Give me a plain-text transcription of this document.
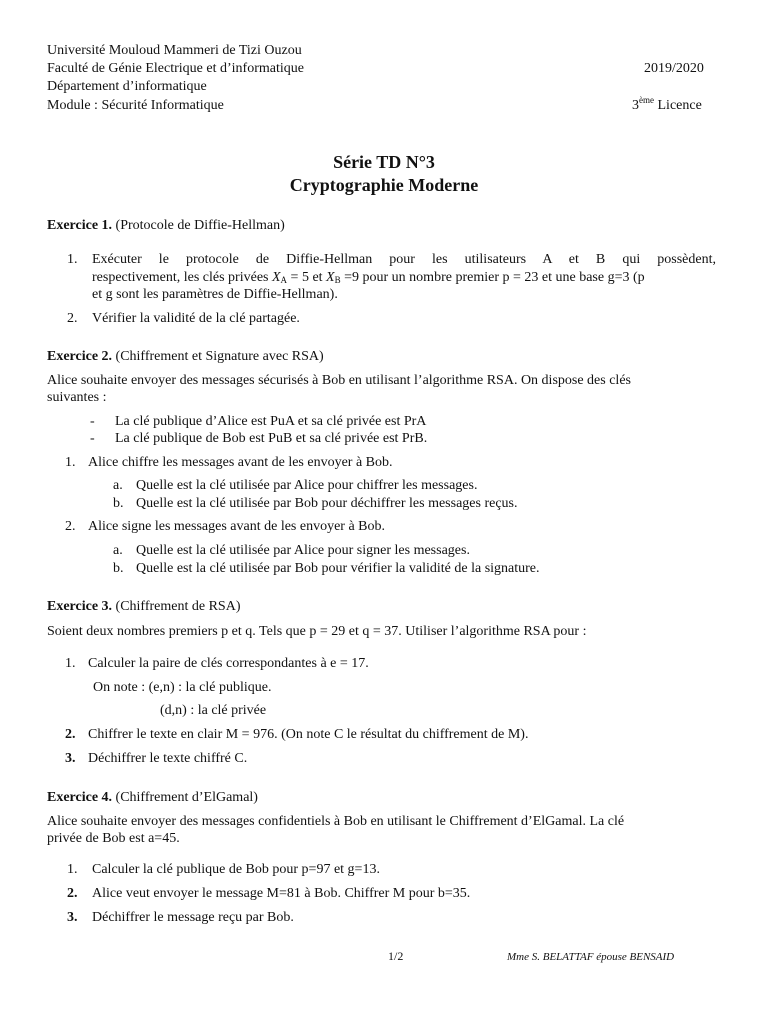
Université Mouloud Mammeri de Tizi Ouzou
Faculté de Génie Electrique et d’informatique	2019/2020
Département d’informatique
Module : Sécurité Informatique	3ème Licence
Série TD N°3
Cryptographie Moderne
Exercice 1. (Protocole de Diffie-Hellman)
1. Exécuter le protocole de Diffie-Hellman pour les utilisateurs A et B qui possèdent,
respectivement, les clés privées $X_A = 5$ et $X_B =9$ pour un nombre premier p = 23 et une base g=3 (p
et g sont les paramètres de Diffie-Hellman).
2. Vérifier la validité de la clé partagée.
Exercice 2. (Chiffrement et Signature avec RSA)
Alice souhaite envoyer des messages sécurisés à Bob en utilisant l’algorithme RSA. On dispose des clés
suivantes :
- La clé publique d’Alice est PuA et sa clé privée est PrA
- La clé publique de Bob est PuB et sa clé privée est PrB.
1. Alice chiffre les messages avant de les envoyer à Bob.
a. Quelle est la clé utilisée par Alice pour chiffrer les messages.
b. Quelle est la clé utilisée par Bob pour déchiffrer les messages reçus.
2. Alice signe les messages avant de les envoyer à Bob.
a. Quelle est la clé utilisée par Alice pour signer les messages.
b. Quelle est la clé utilisée par Bob pour vérifier la validité de la signature.
Exercice 3. (Chiffrement de RSA)
Soient deux nombres premiers p et q. Tels que p = 29 et q = 37. Utiliser l’algorithme RSA pour :
1. Calculer la paire de clés correspondantes à e = 17.
On note : (e,n) : la clé publique.
(d,n) : la clé privée
2. Chiffrer le texte en clair M = 976. (On note C le résultat du chiffrement de M).
3. Déchiffrer le texte chiffré C.
Exercice 4. (Chiffrement d’ElGamal)
Alice souhaite envoyer des messages confidentiels à Bob en utilisant le Chiffrement d’ElGamal. La clé
privée de Bob est a=45.
1. Calculer la clé publique de Bob pour p=97 et g=13.
2. Alice veut envoyer le message M=81 à Bob. Chiffrer M pour b=35.
3. Déchiffrer le message reçu par Bob.
1/2	Mme S. BELATTAF épouse BENSAID
